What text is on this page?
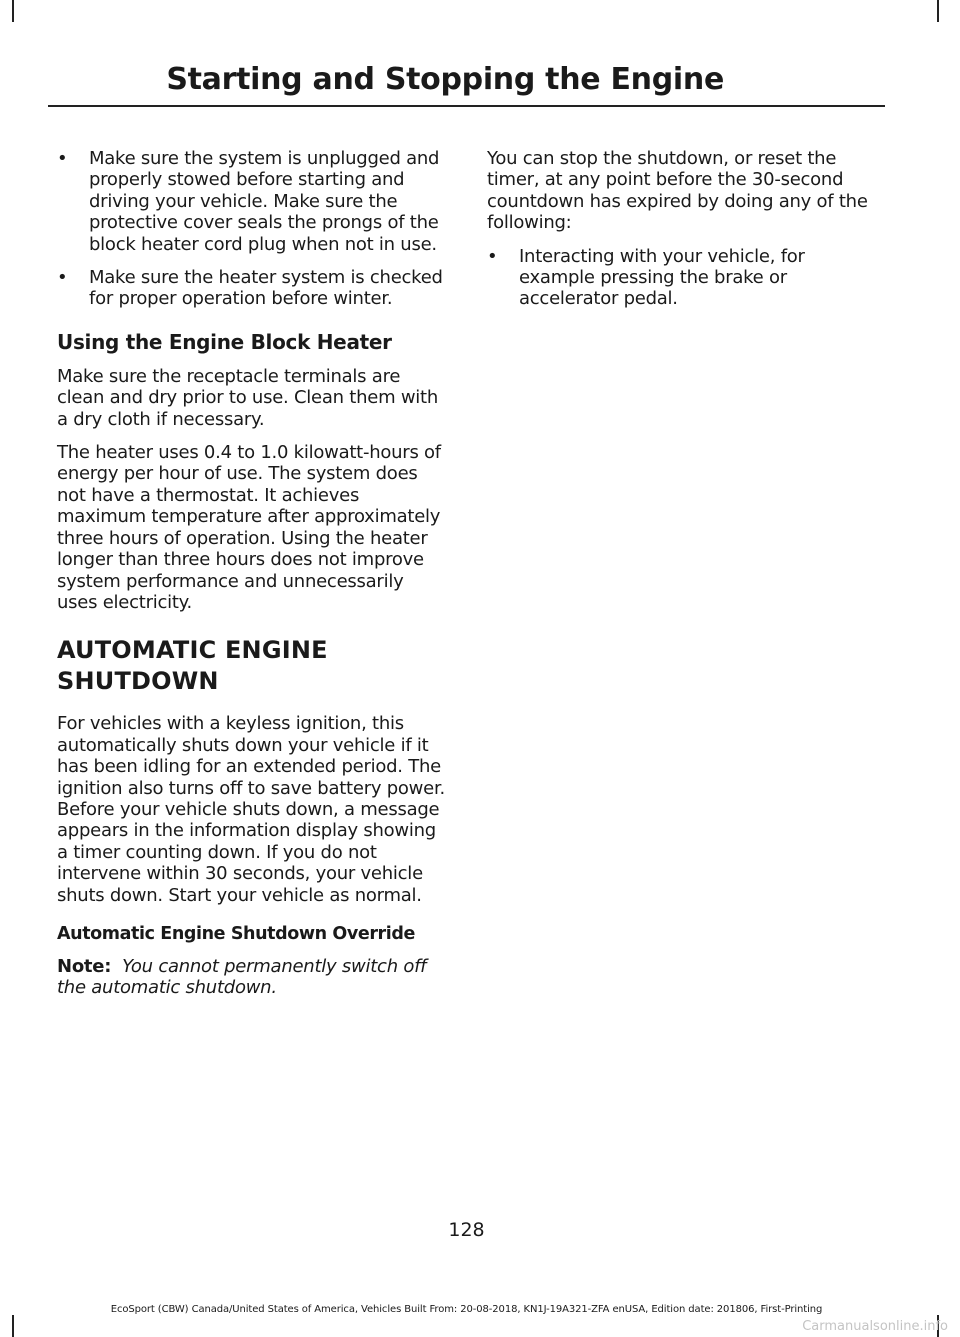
Starting and Stopping the Engine
• Make sure the system is unplugged and properly stowed before starting and driving your vehicle. Make sure the protective cover seals the prongs of the block heater cord plug when not in use.
• Make sure the heater system is checked for proper operation before winter.
Using the Engine Block Heater

Make sure the receptacle terminals are clean and dry prior to use. Clean them with a dry cloth if necessary.

The heater uses 0.4 to 1.0 kilowatt-hours of energy per hour of use. The system does not have a thermostat. It achieves maximum temperature after approximately three hours of operation. Using the heater longer than three hours does not improve system performance and unnecessarily uses electricity.

AUTOMATIC ENGINE
SHUTDOWN

For vehicles with a keyless ignition, this automatically shuts down your vehicle if it has been idling for an extended period. The ignition also turns off to save battery power. Before your vehicle shuts down, a message appears in the information display showing a timer counting down. If you do not intervene within 30 seconds, your vehicle shuts down. Start your vehicle as normal.

Automatic Engine Shutdown Override

Note: You cannot permanently switch off the automatic shutdown.

You can stop the shutdown, or reset the timer, at any point before the 30-second countdown has expired by doing any of the following:

• Interacting with your vehicle, for example pressing the brake or accelerator pedal.
128
EcoSport (CBW) Canada/United States of America, Vehicles Built From: 20-08-2018, KN1J-19A321-ZFA enUSA, Edition date: 201806, First-Printing
Carmanualsonline.info
